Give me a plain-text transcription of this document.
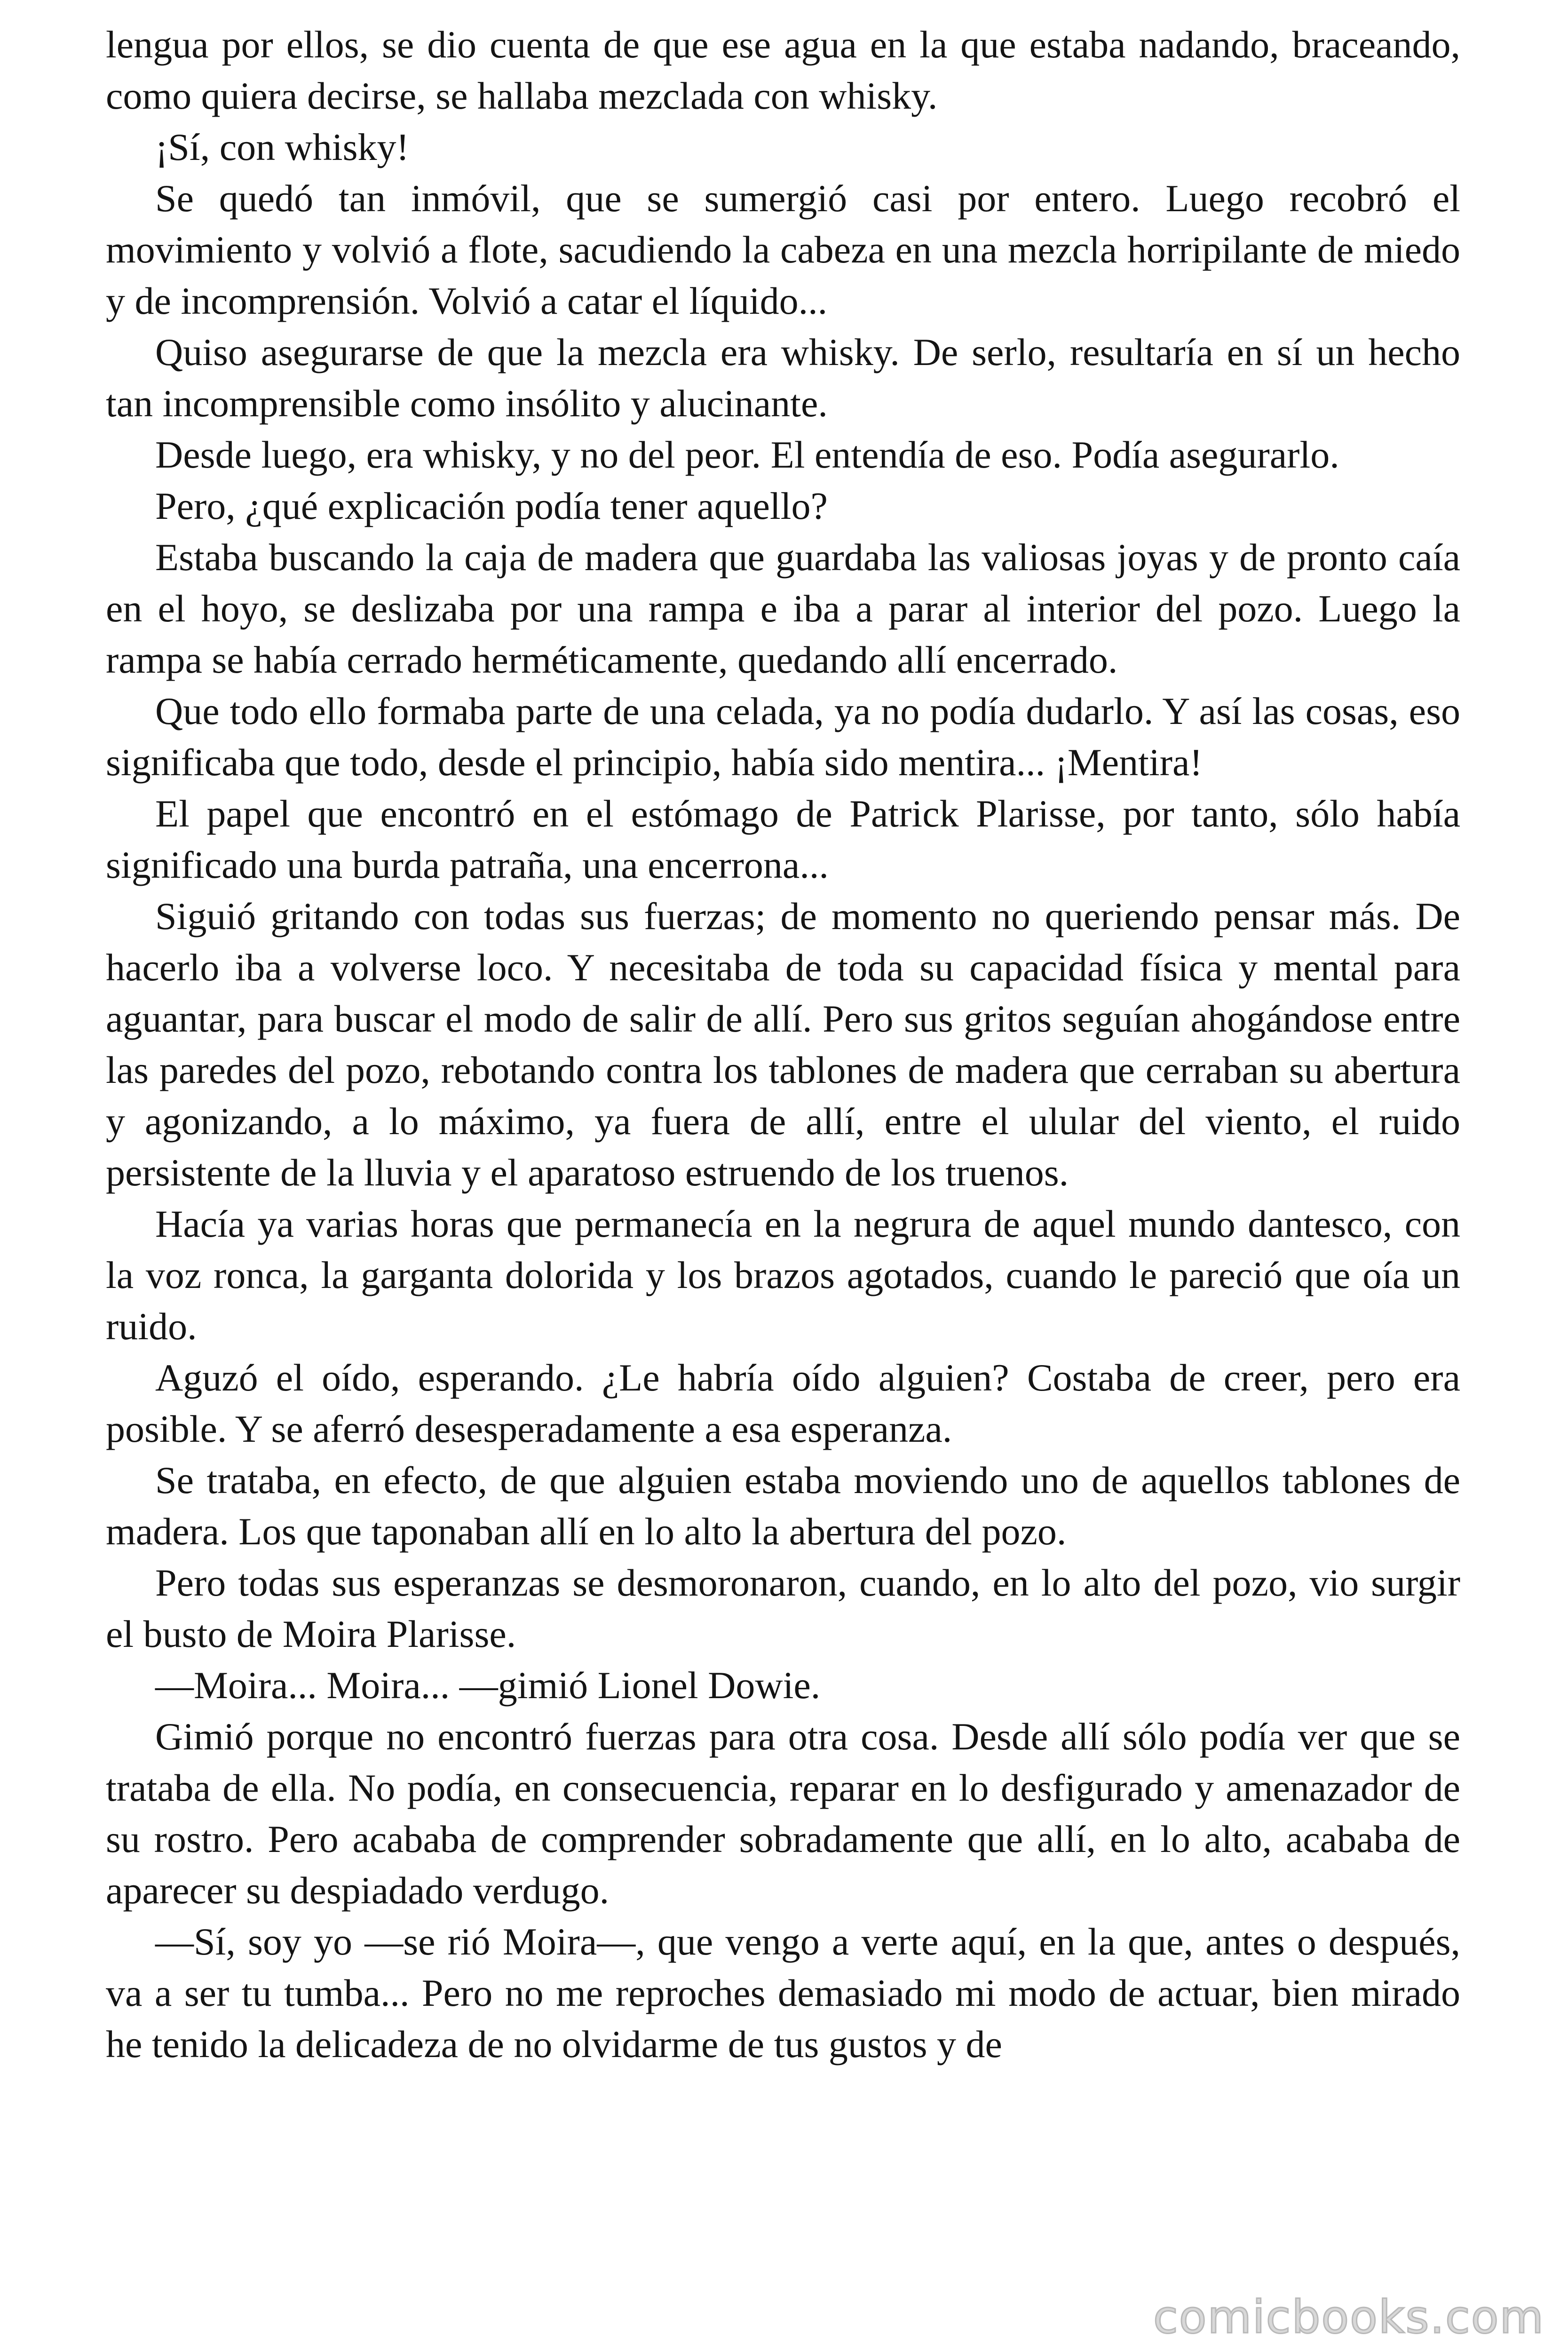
lengua por ellos, se dio cuenta de que ese agua en la que estaba nadando, braceando, como quiera decirse, se hallaba mezclada con whisky.

¡Sí, con whisky!

Se quedó tan inmóvil, que se sumergió casi por entero. Luego recobró el movimiento y volvió a flote, sacudiendo la cabeza en una mezcla horripilante de miedo y de incomprensión. Volvió a catar el líquido...

Quiso asegurarse de que la mezcla era whisky. De serlo, resultaría en sí un hecho tan incomprensible como insólito y alucinante.

Desde luego, era whisky, y no del peor. El entendía de eso. Podía asegurarlo.

Pero, ¿qué explicación podía tener aquello?

Estaba buscando la caja de madera que guardaba las valiosas joyas y de pronto caía en el hoyo, se deslizaba por una rampa e iba a parar al interior del pozo. Luego la rampa se había cerrado herméticamente, quedando allí encerrado.

Que todo ello formaba parte de una celada, ya no podía dudarlo. Y así las cosas, eso significaba que todo, desde el principio, había sido mentira... ¡Mentira!

El papel que encontró en el estómago de Patrick Plarisse, por tanto, sólo había significado una burda patraña, una encerrona...

Siguió gritando con todas sus fuerzas; de momento no queriendo pensar más. De hacerlo iba a volverse loco. Y necesitaba de toda su capacidad física y mental para aguantar, para buscar el modo de salir de allí. Pero sus gritos seguían ahogándose entre las paredes del pozo, rebotando contra los tablones de madera que cerraban su abertura y agonizando, a lo máximo, ya fuera de allí, entre el ulular del viento, el ruido persistente de la lluvia y el aparatoso estruendo de los truenos.

Hacía ya varias horas que permanecía en la negrura de aquel mundo dantesco, con la voz ronca, la garganta dolorida y los brazos agotados, cuando le pareció que oía un ruido.

Aguzó el oído, esperando. ¿Le habría oído alguien? Costaba de creer, pero era posible. Y se aferró desesperadamente a esa esperanza.

Se trataba, en efecto, de que alguien estaba moviendo uno de aquellos tablones de madera. Los que taponaban allí en lo alto la abertura del pozo.

Pero todas sus esperanzas se desmoronaron, cuando, en lo alto del pozo, vio surgir el busto de Moira Plarisse.

—Moira... Moira... —gimió Lionel Dowie.

Gimió porque no encontró fuerzas para otra cosa. Desde allí sólo podía ver que se trataba de ella. No podía, en consecuencia, reparar en lo desfigurado y amenazador de su rostro. Pero acababa de comprender sobradamente que allí, en lo alto, acababa de aparecer su despiadado verdugo.

—Sí, soy yo —se rió Moira—, que vengo a verte aquí, en la que, antes o después, va a ser tu tumba... Pero no me reproches demasiado mi modo de actuar, bien mirado he tenido la delicadeza de no olvidarme de tus gustos y de

comicbooks.com
